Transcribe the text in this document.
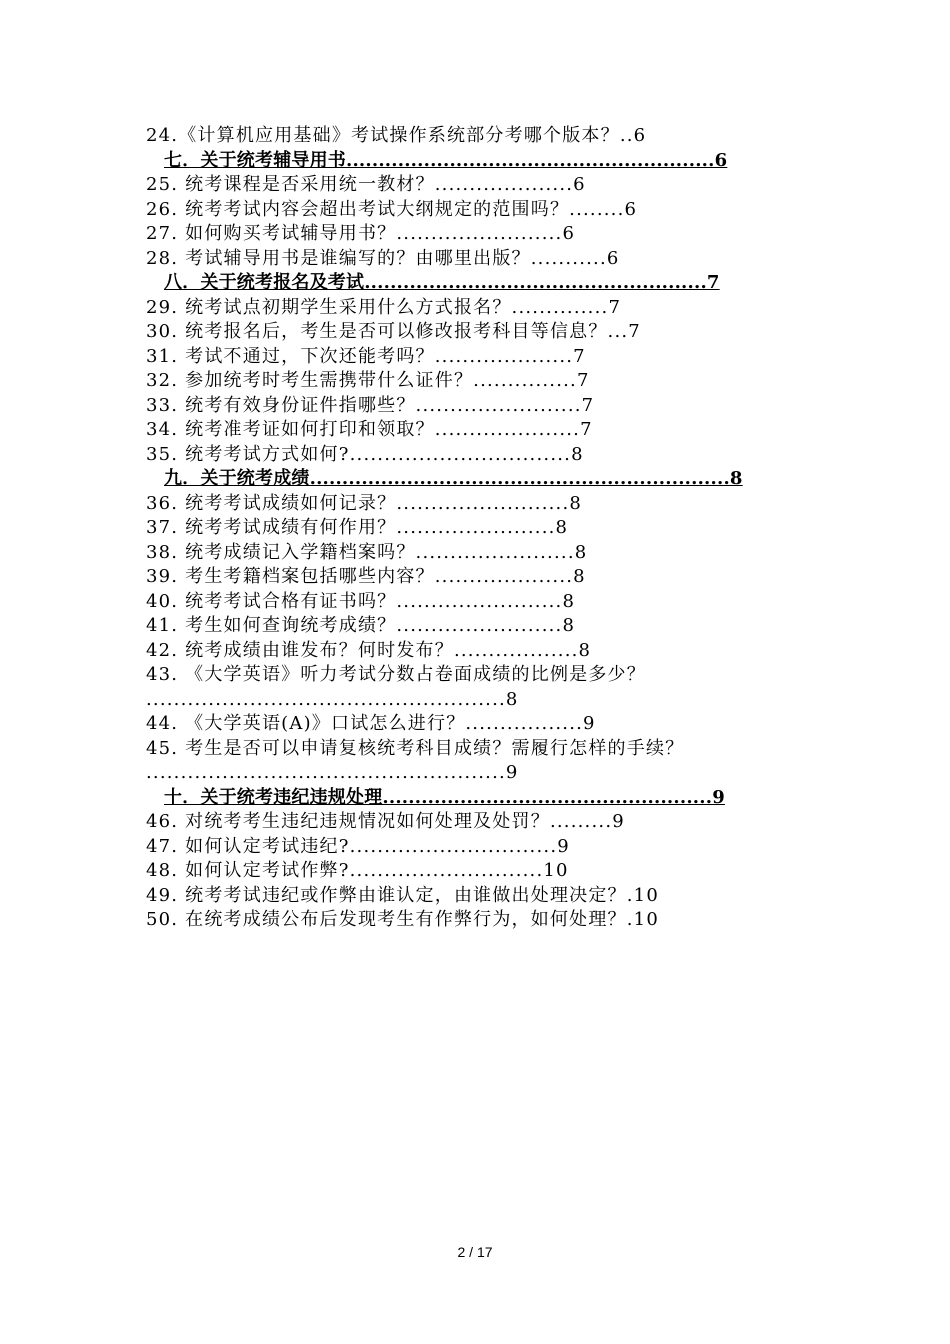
24.《计算机应用基础》考试操作系统部分考哪个版本？..6
七．关于统考辅导用书.........................................................6
25. 统考课程是否采用统一教材？....................6
26. 统考考试内容会超出考试大纲规定的范围吗？........6
27. 如何购买考试辅导用书？........................6
28. 考试辅导用书是谁编写的？由哪里出版？...........6
八．关于统考报名及考试.....................................................7
29. 统考试点初期学生采用什么方式报名？..............7
30. 统考报名后，考生是否可以修改报考科目等信息？...7
31. 考试不通过，下次还能考吗？....................7
32. 参加统考时考生需携带什么证件？...............7
33. 统考有效身份证件指哪些？........................7
34. 统考准考证如何打印和领取？.....................7
35. 统考考试方式如何?................................8
九．关于统考成绩.................................................................8
36. 统考考试成绩如何记录？.........................8
37. 统考考试成绩有何作用？.......................8
38. 统考成绩记入学籍档案吗？.......................8
39. 考生考籍档案包括哪些内容？....................8
40. 统考考试合格有证书吗？........................8
41. 考生如何查询统考成绩？........................8
42. 统考成绩由谁发布？何时发布？..................8
43. 《大学英语》听力考试分数占卷面成绩的比例是多少？
....................................................8
44. 《大学英语(A)》口试怎么进行？.................9
45. 考生是否可以申请复核统考科目成绩？需履行怎样的手续？
....................................................9
十．关于统考违纪违规处理...................................................9
46. 对统考考生违纪违规情况如何处理及处罚？.........9
47. 如何认定考试违纪?..............................9
48. 如何认定考试作弊?............................10
49. 统考考试违纪或作弊由谁认定，由谁做出处理决定？.10
50. 在统考成绩公布后发现考生有作弊行为，如何处理？.10
2 / 17
